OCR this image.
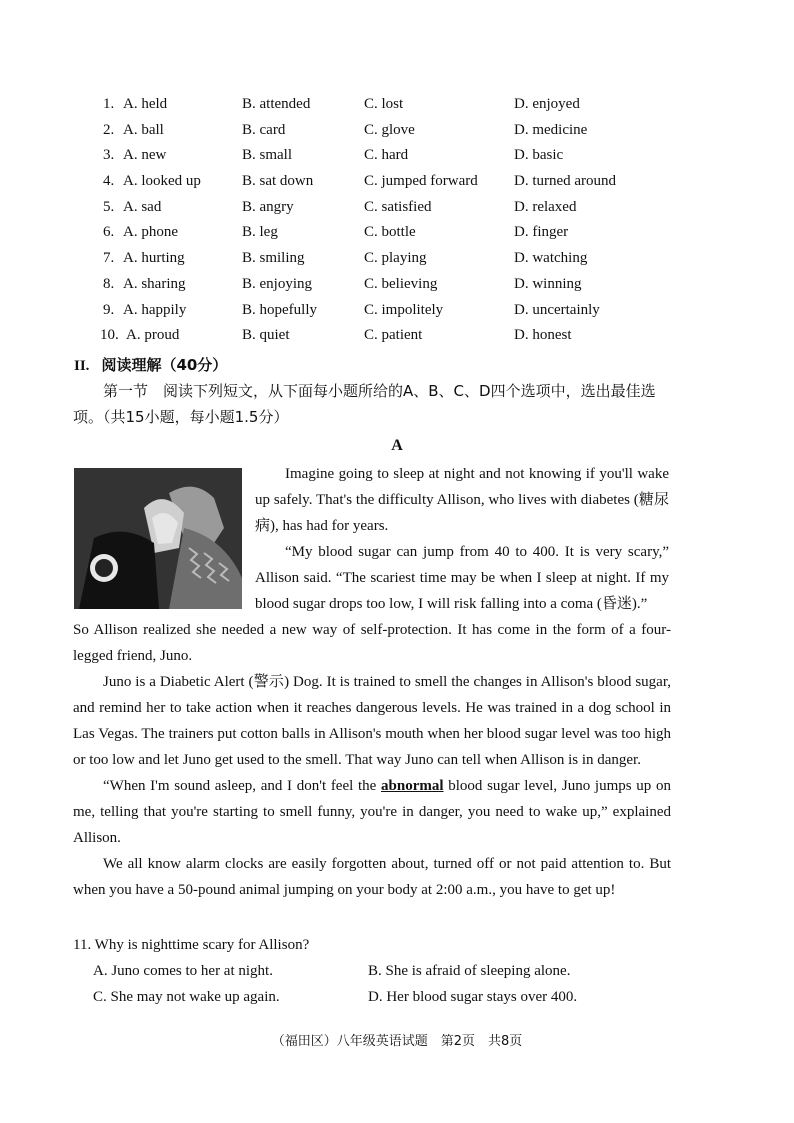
1. A. held	B. attended	C. lost	D. enjoyed
2. A. ball	B. card	C. glove	D. medicine
3. A. new	B. small	C. hard	D. basic
4. A. looked up	B. sat down	C. jumped forward D. turned around
5. A. sad	B. angry	C. satisfied	D. relaxed
6. A. phone	B. leg	C. bottle	D. finger
7. A. hurting	B. smiling	C. playing	D. watching
8. A. sharing	B. enjoying	C. believing	D. winning
9. A. happily	B. hopefully	C. impolitely	D. uncertainly
10. A. proud	B. quiet	C. patient	D. honest
II. 阅读理解（40分）

第一节　阅读下列短文，从下面每小题所给的A、B、C、D四个选项中，选出最佳选

项。（共15小题，每小题1.5分）

A

Imagine going to sleep at night and not knowing if you'll wake up safely. That's the difficulty Allison, who lives with diabetes (糖尿病), has had for years.

“My blood sugar can jump from 40 to 400. It is very scary,” Allison said. “The scariest time may be when I sleep at night. If my blood sugar drops too low, I will risk falling into a coma (昏迷).”

So Allison realized she needed a new way of self-protection. It has come in the form of a four-legged friend, Juno.

Juno is a Diabetic Alert (警示) Dog. It is trained to smell the changes in Allison's blood sugar, and remind her to take action when it reaches dangerous levels. He was trained in a dog school in Las Vegas. The trainers put cotton balls in Allison's mouth when her blood sugar level was too high or too low and let Juno get used to the smell. That way Juno can tell when Allison is in danger.

“When I'm sound asleep, and I don't feel the abnormal blood sugar level, Juno jumps up on me, telling that you're starting to smell funny, you're in danger, you need to wake up,” explained Allison.

We all know alarm clocks are easily forgotten about, turned off or not paid attention to. But when you have a 50-pound animal jumping on your body at 2:00 a.m., you have to get up!

11. Why is nighttime scary for Allison?
A. Juno comes to her at night.	B. She is afraid of sleeping alone.
C. She may not wake up again.	D. Her blood sugar stays over 400.
（福田区）八年级英语试题　第2页　共8页
